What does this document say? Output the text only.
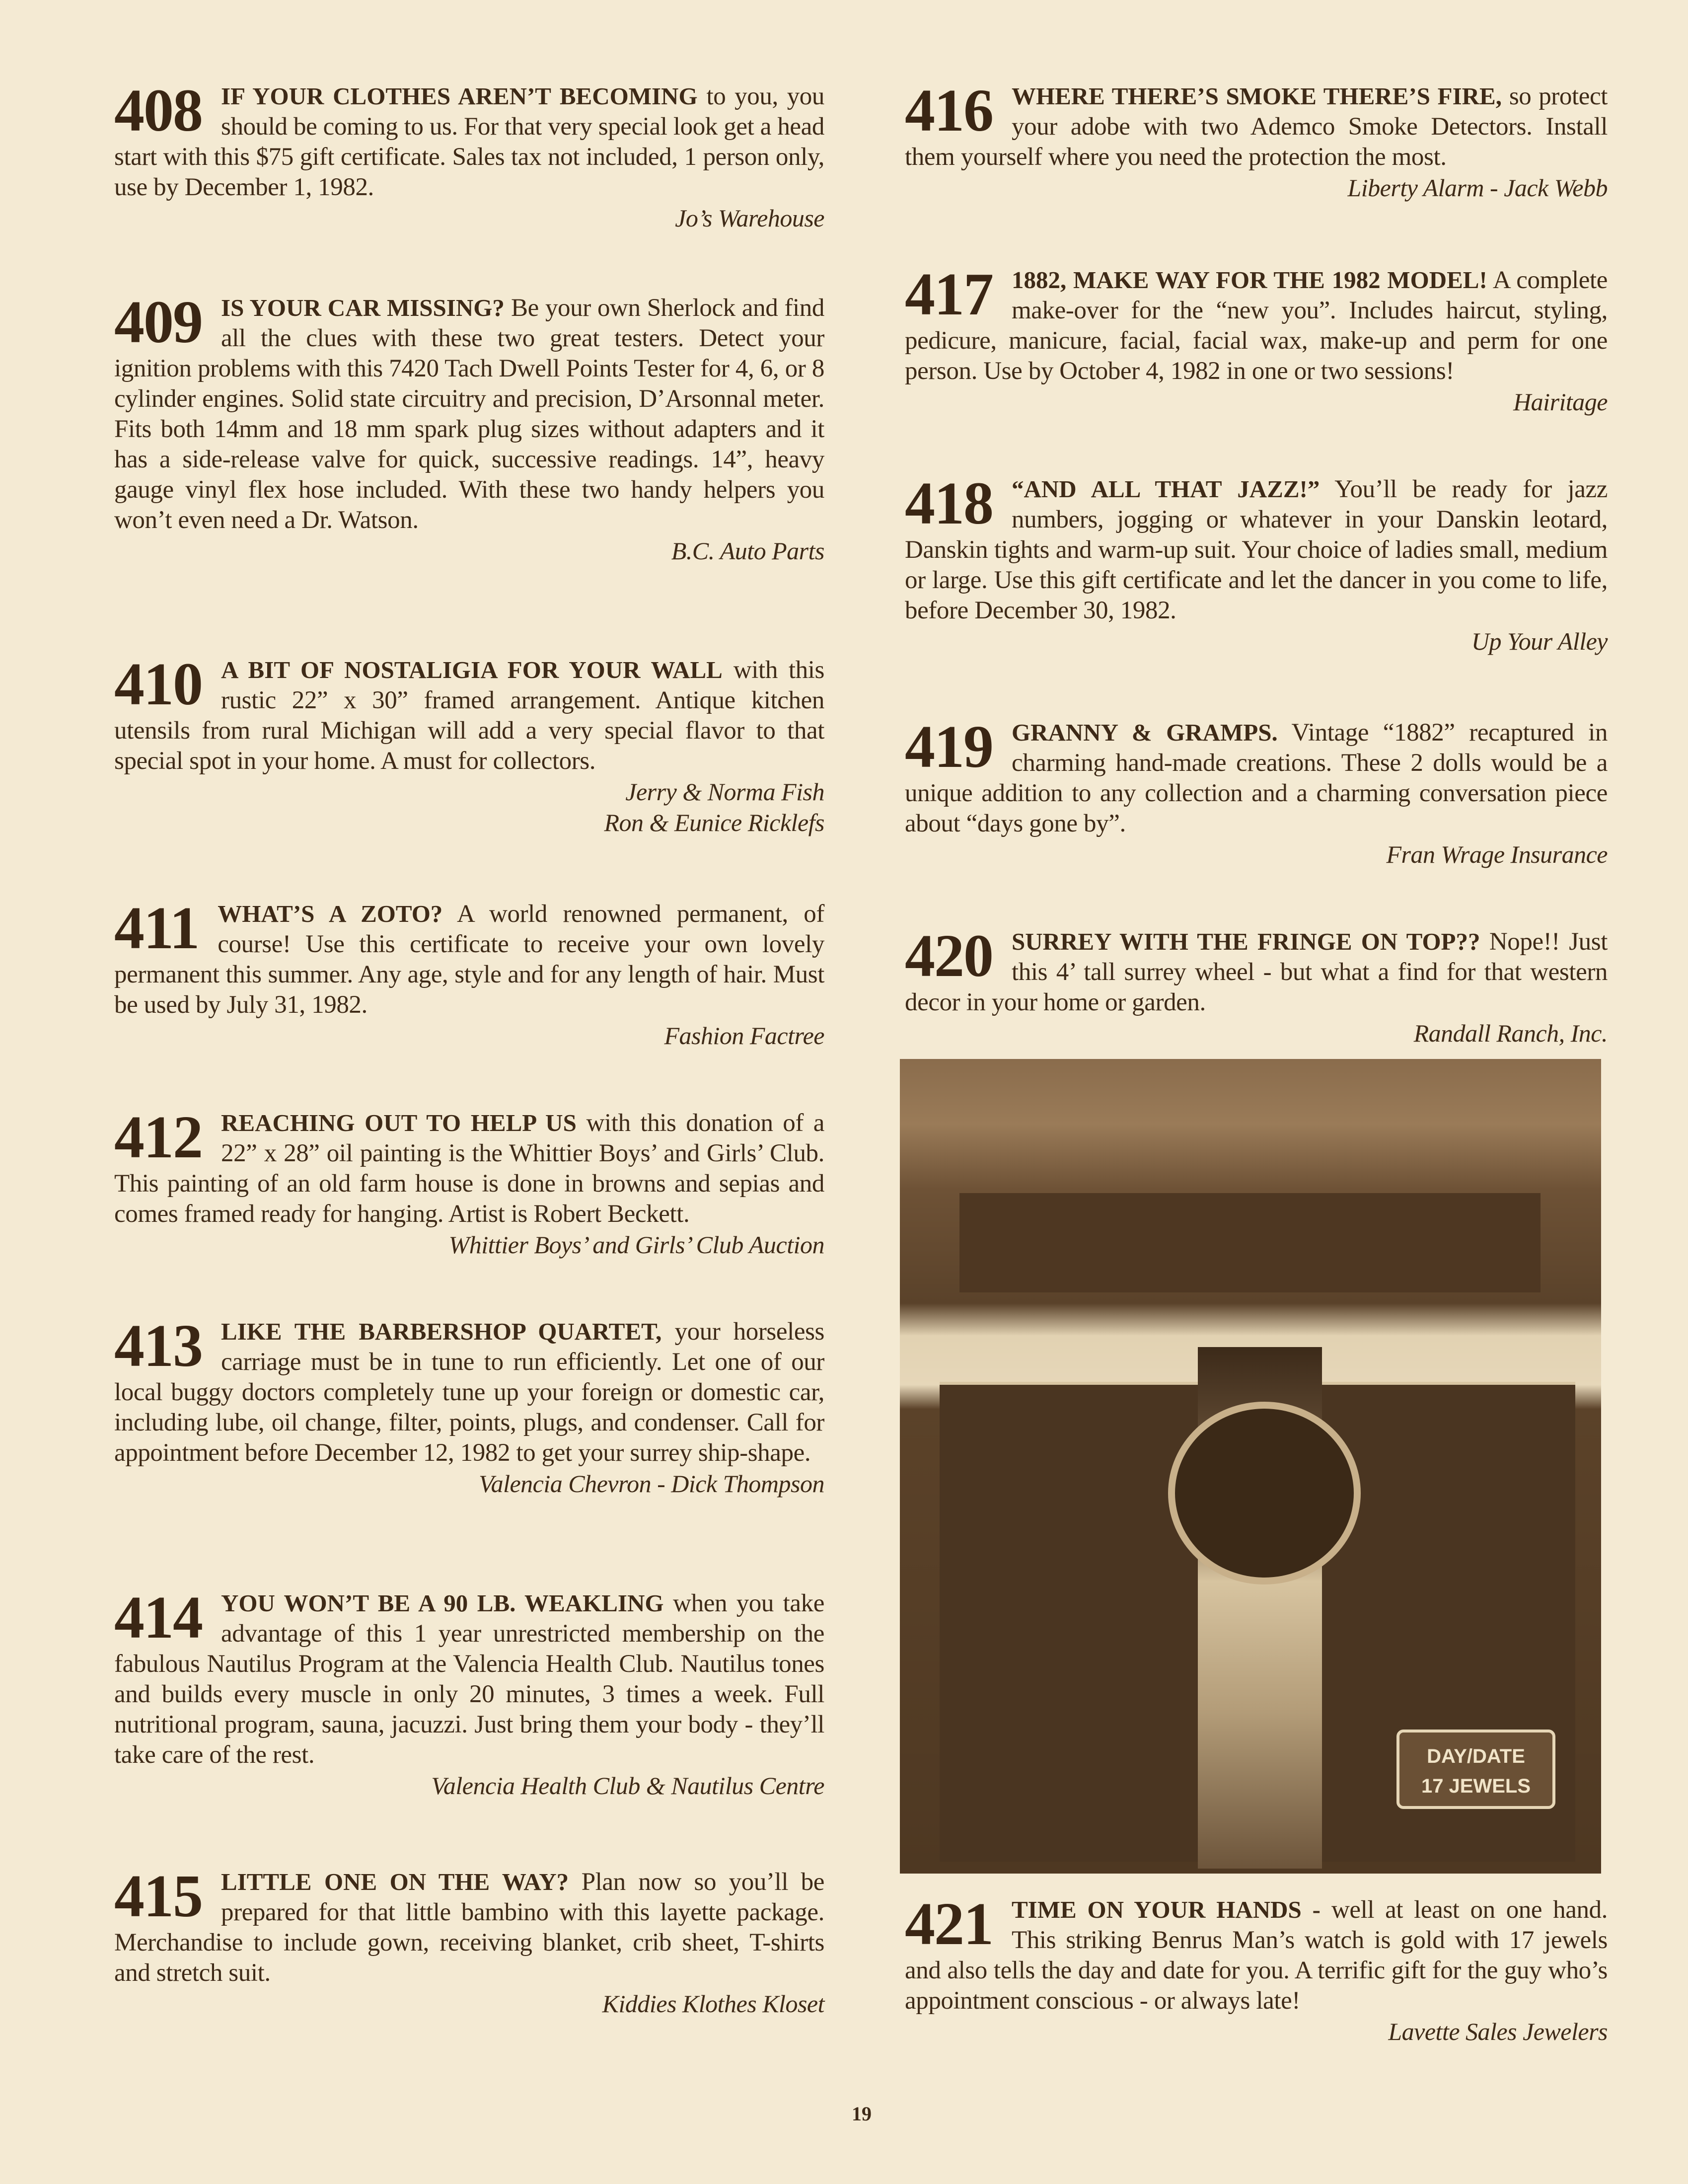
408 IF YOUR CLOTHES AREN’T BECOMING to you, you should be coming to us. For that very special look get a head start with this $75 gift certificate. Sales tax not included, 1 person only, use by December 1, 1982.
Jo’s Warehouse
409 IS YOUR CAR MISSING? Be your own Sherlock and find all the clues with these two great testers. Detect your ignition problems with this 7420 Tach Dwell Points Tester for 4, 6, or 8 cylinder engines. Solid state circuitry and precision, D’Arsonnal meter. Fits both 14mm and 18 mm spark plug sizes without adapters and it has a side-release valve for quick, successive readings. 14”, heavy gauge vinyl flex hose included. With these two handy helpers you won’t even need a Dr. Watson.
B.C. Auto Parts
410 A BIT OF NOSTALIGIA FOR YOUR WALL with this rustic 22” x 30” framed arrangement. Antique kitchen utensils from rural Michigan will add a very special flavor to that special spot in your home. A must for collectors.
Jerry & Norma Fish
Ron & Eunice Ricklefs
411 WHAT’S A ZOTO? A world renowned permanent, of course! Use this certificate to receive your own lovely permanent this summer. Any age, style and for any length of hair. Must be used by July 31, 1982.
Fashion Factree
412 REACHING OUT TO HELP US with this donation of a 22” x 28” oil painting is the Whittier Boys’ and Girls’ Club. This painting of an old farm house is done in browns and sepias and comes framed ready for hanging. Artist is Robert Beckett.
Whittier Boys’ and Girls’ Club Auction
413 LIKE THE BARBERSHOP QUARTET, your horseless carriage must be in tune to run efficiently. Let one of our local buggy doctors completely tune up your foreign or domestic car, including lube, oil change, filter, points, plugs, and condenser. Call for appointment before December 12, 1982 to get your surrey ship-shape.
Valencia Chevron - Dick Thompson
414 YOU WON’T BE A 90 LB. WEAKLING when you take advantage of this 1 year unrestricted membership on the fabulous Nautilus Program at the Valencia Health Club. Nautilus tones and builds every muscle in only 20 minutes, 3 times a week. Full nutritional program, sauna, jacuzzi. Just bring them your body - they’ll take care of the rest.
Valencia Health Club & Nautilus Centre
415 LITTLE ONE ON THE WAY? Plan now so you’ll be prepared for that little bambino with this layette package. Merchandise to include gown, receiving blanket, crib sheet, T-shirts and stretch suit.
Kiddies Klothes Kloset
416 WHERE THERE’S SMOKE THERE’S FIRE, so protect your adobe with two Ademco Smoke Detectors. Install them yourself where you need the protection the most.
Liberty Alarm - Jack Webb
417 1882, MAKE WAY FOR THE 1982 MODEL! A complete make-over for the “new you”. Includes haircut, styling, pedicure, manicure, facial, facial wax, make-up and perm for one person. Use by October 4, 1982 in one or two sessions!
Hairitage
418 “AND ALL THAT JAZZ!” You’ll be ready for jazz numbers, jogging or whatever in your Danskin leotard, Danskin tights and warm-up suit. Your choice of ladies small, medium or large. Use this gift certificate and let the dancer in you come to life, before December 30, 1982.
Up Your Alley
419 GRANNY & GRAMPS. Vintage “1882” recaptured in charming hand-made creations. These 2 dolls would be a unique addition to any collection and a charming conversation piece about “days gone by”.
Fran Wrage Insurance
420 SURREY WITH THE FRINGE ON TOP?? Nope!! Just this 4’ tall surrey wheel - but what a find for that western decor in your home or garden.
Randall Ranch, Inc.
421 TIME ON YOUR HANDS - well at least on one hand. This striking Benrus Man’s watch is gold with 17 jewels and also tells the day and date for you. A terrific gift for the guy who’s appointment conscious - or always late!
Lavette Sales Jewelers
DAY/DATE
17 JEWELS
19
